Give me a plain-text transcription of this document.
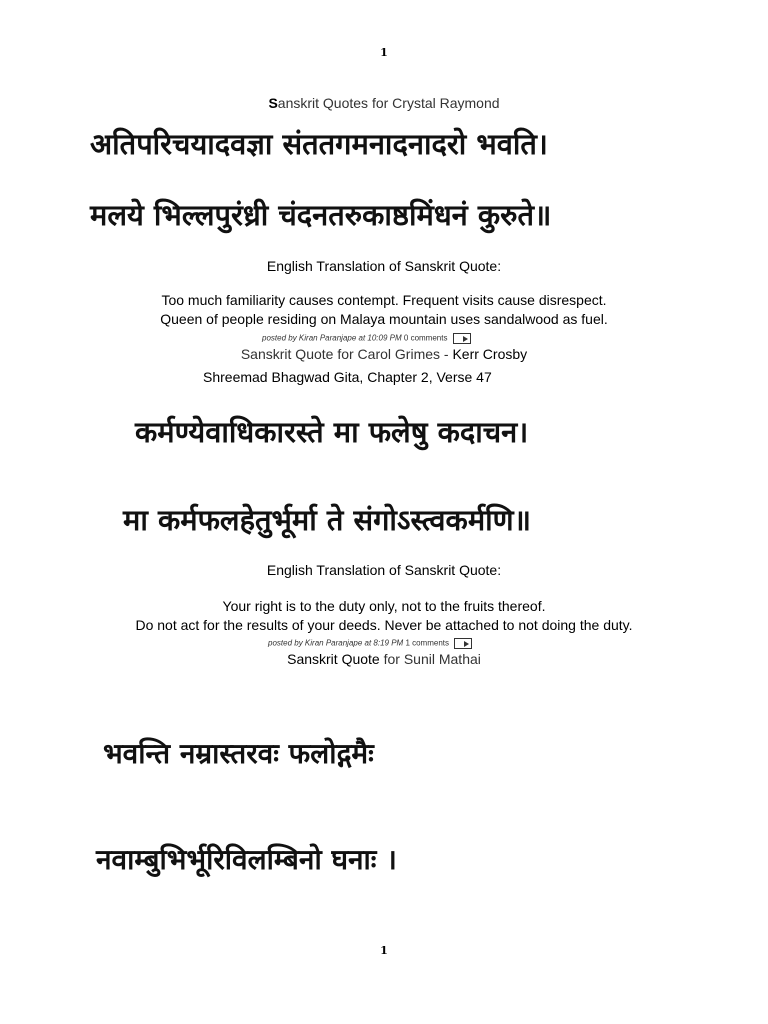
1
Sanskrit Quotes for Crystal Raymond
अतिपरिचयादवज्ञा संततगमनादनादरो भवति।
मलये भिल्लपुरंध्री चंदनतरुकाष्ठमिंधनं कुरुते॥
English Translation of Sanskrit Quote:
Too much familiarity causes contempt. Frequent visits cause disrespect.
Queen of people residing on Malaya mountain uses sandalwood as fuel.
posted by Kiran Paranjape at 10:09 PM 0 comments
Sanskrit Quote for Carol Grimes - Kerr Crosby
Shreemad Bhagwad Gita, Chapter 2, Verse 47
कर्मण्येवाधिकारस्ते मा फलेषु कदाचन।
मा कर्मफलहेतुर्भूर्मा ते संगोऽस्त्वकर्मणि॥
English Translation of Sanskrit Quote:
Your right is to the duty only, not to the fruits thereof.
Do not act for the results of your deeds. Never be attached to not doing the duty.
posted by Kiran Paranjape at 8:19 PM 1 comments
Sanskrit Quote for Sunil Mathai
भवन्ति नम्रास्तरवः फलोद्गमैः
नवाम्बुभिर्भूरिविलम्बिनो घनाः ।
1
